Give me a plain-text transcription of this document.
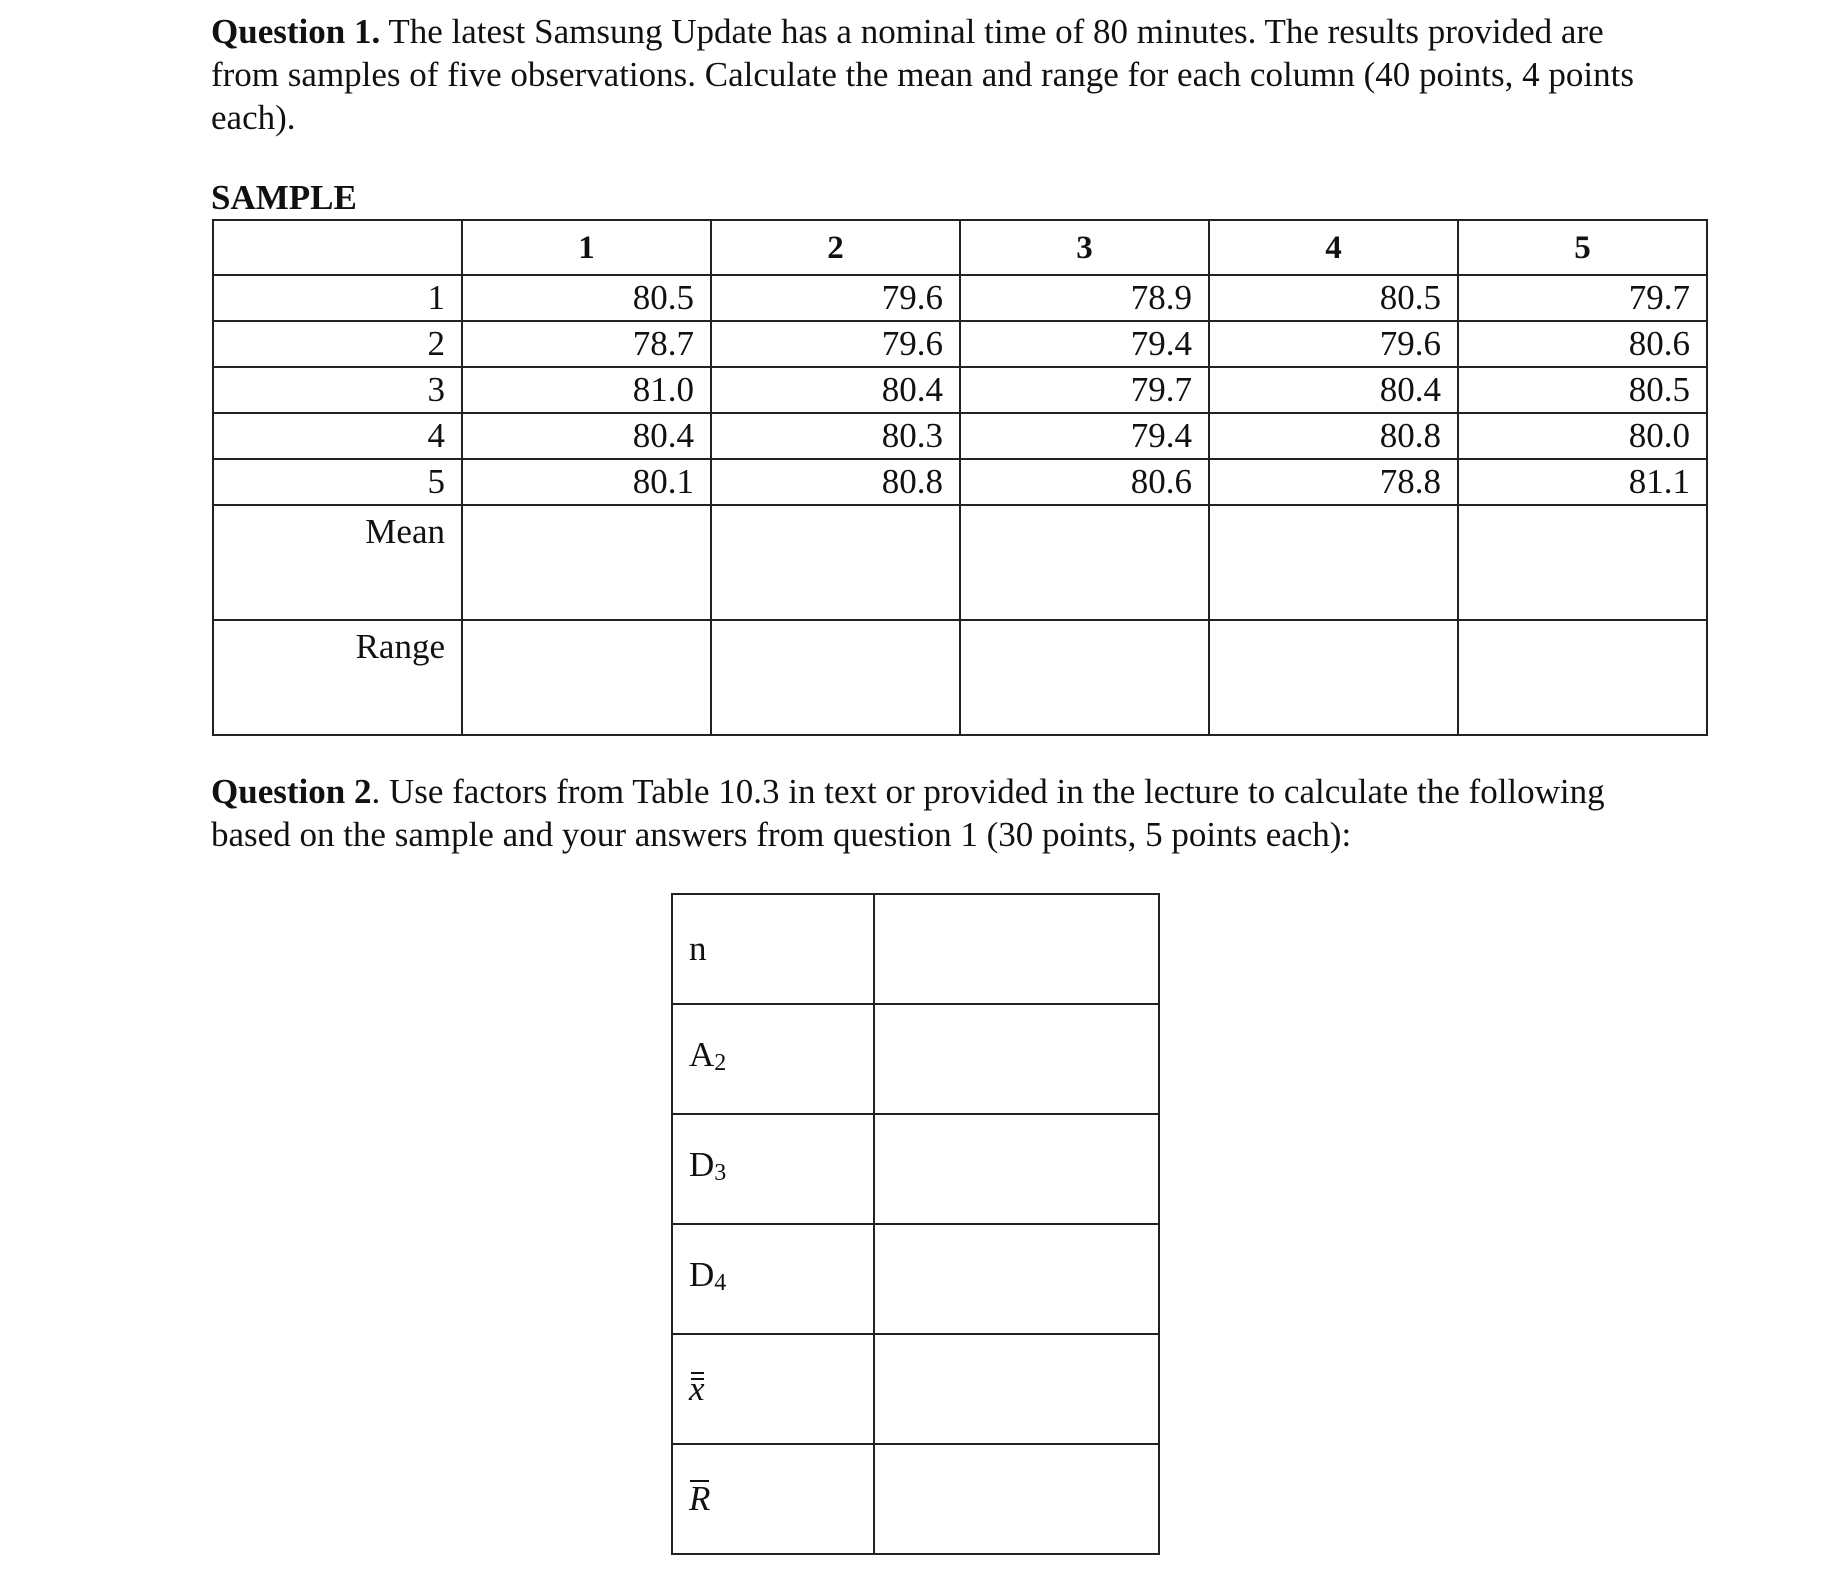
Question 1. The latest Samsung Update has a nominal time of 80 minutes. The results provided are from samples of five observations. Calculate the mean and range for each column (40 points, 4 points each).

SAMPLE

	1	2	3	4	5
1	80.5	79.6	78.9	80.5	79.7
2	78.7	79.6	79.4	79.6	80.6
3	81.0	80.4	79.7	80.4	80.5
4	80.4	80.3	79.4	80.8	80.0
5	80.1	80.8	80.6	78.8	81.1
Mean					
Range					

Question 2. Use factors from Table 10.3 in text or provided in the lecture to calculate the following based on the sample and your answers from question 1 (30 points, 5 points each):

n	
A2	
D3	
D4	
x	
R	
